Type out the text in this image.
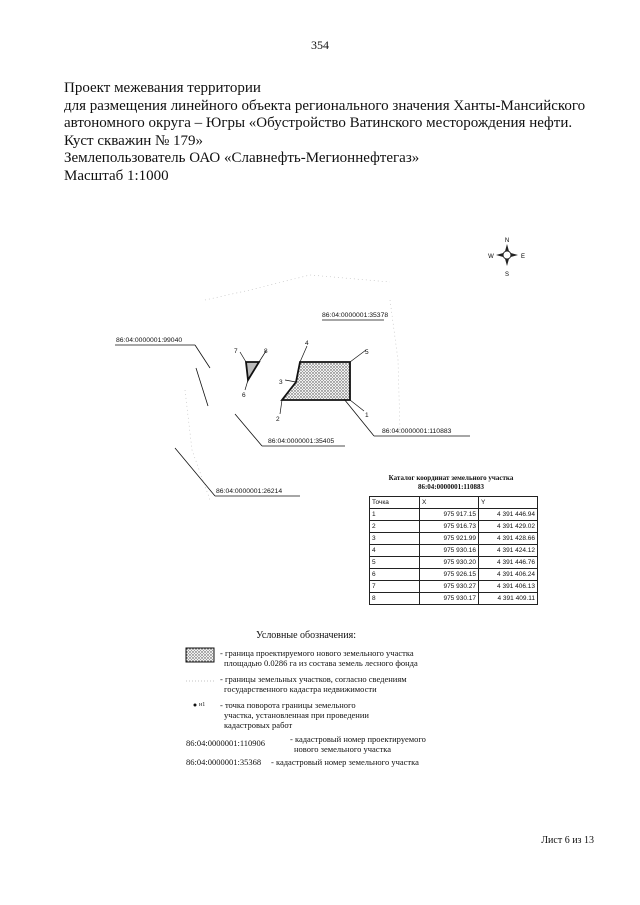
354
Проект межевания территории
для размещения линейного объекта регионального значения Ханты-Мансийского
автономного округа – Югры «Обустройство Ватинского месторождения нефти.
Куст скважин № 179»
Землепользователь ОАО «Славнефть-Мегионнефтегаз»
Масштаб 1:1000
N
S
W	E
1
2
3
4
5
6
7	8
86:04:0000001:35378
86:04:0000001:99040
86:04:0000001:110883
86:04:0000001:35405
86:04:0000001:26214
Каталог координат земельного участка
86:04:0000001:110883
Точка	X	Y
1	975 917.15	4 391 446.94
2	975 916.73	4 391 429.02
3	975 921.99	4 391 428.66
4	975 930.16	4 391 424.12
5	975 930.20	4 391 446.76
6	975 926.15	4 391 406.24
7	975 930.27	4 391 406.13
8	975 930.17	4 391 409.11
Условные обозначения:
- граница проектируемого нового земельного участка
площадью 0.0286 га из состава земель лесного фонда
- границы земельных участков, согласно сведениям
государственного кадастра недвижимости
н1 - точка поворота границы земельного
участка, установленная при проведении
кадастровых работ
86:04:0000001:110906	- кадастровый номер проектируемого
нового земельного участка
86:04:0000001:35368 - кадастровый номер земельного участка
Лист 6 из 13
